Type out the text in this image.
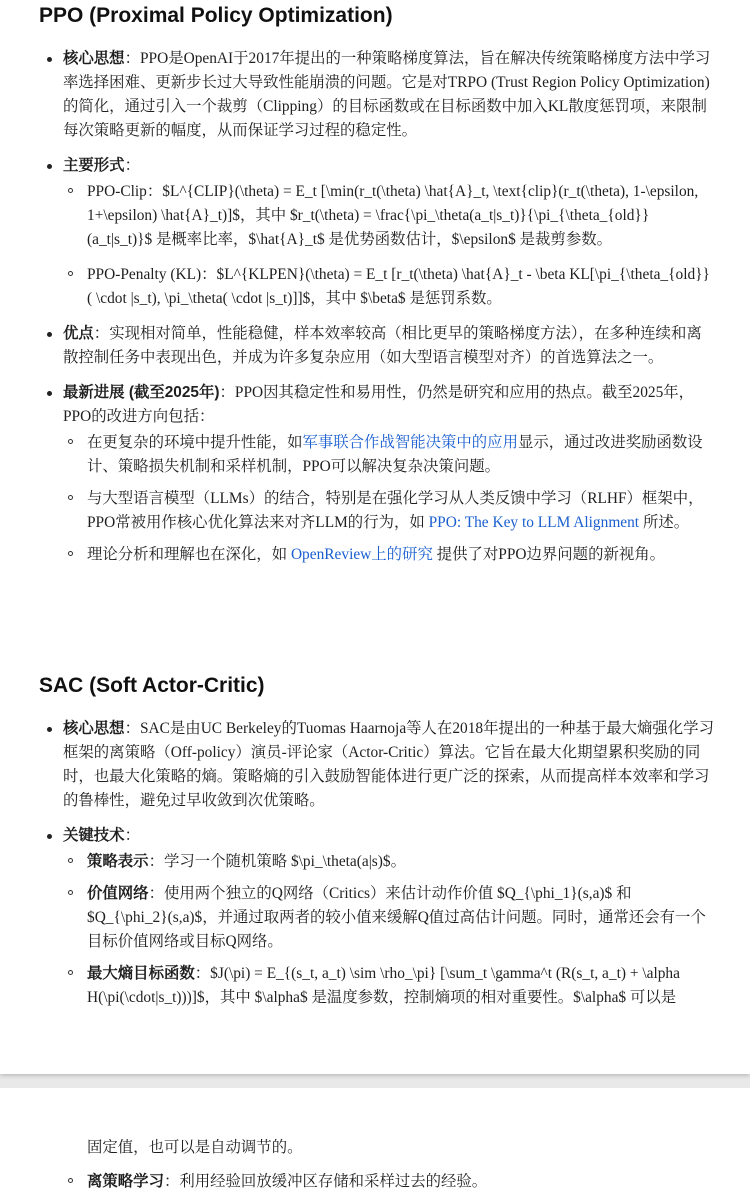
PPO (Proximal Policy Optimization)
核心思想：PPO是OpenAI于2017年提出的一种策略梯度算法，旨在解决传统策略梯度方法中学习率选择困难、更新步长过大导致性能崩溃的问题。它是对TRPO (Trust Region Policy Optimization) 的简化，通过引入一个裁剪（Clipping）的目标函数或在目标函数中加入KL散度惩罚项，来限制每次策略更新的幅度，从而保证学习过程的稳定性。
主要形式：
PPO-Clip：$L^{CLIP}(\theta) = E_t [\min(r_t(\theta) \hat{A}_t, \text{clip}(r_t(\theta), 1-\epsilon, 1+\epsilon) \hat{A}_t)]$，其中 $r_t(\theta) = \frac{\pi_\theta(a_t|s_t)}{\pi_{\theta_{old}}(a_t|s_t)}$ 是概率比率，$\hat{A}_t$ 是优势函数估计，$\epsilon$ 是裁剪参数。
PPO-Penalty (KL)：$L^{KLPEN}(\theta) = E_t [r_t(\theta) \hat{A}_t - \beta KL[\pi_{\theta_{old}}( \cdot |s_t), \pi_\theta( \cdot |s_t)]]$，其中 $\beta$ 是惩罚系数。
优点：实现相对简单，性能稳健，样本效率较高（相比更早的策略梯度方法），在多种连续和离散控制任务中表现出色，并成为许多复杂应用（如大型语言模型对齐）的首选算法之一。
最新进展 (截至2025年)：PPO因其稳定性和易用性，仍然是研究和应用的热点。截至2025年，PPO的改进方向包括：
在更复杂的环境中提升性能，如军事联合作战智能决策中的应用显示，通过改进奖励函数设计、策略损失机制和采样机制，PPO可以解决复杂决策问题。
与大型语言模型（LLMs）的结合，特别是在强化学习从人类反馈中学习（RLHF）框架中，PPO常被用作核心优化算法来对齐LLM的行为，如 PPO: The Key to LLM Alignment 所述。
理论分析和理解也在深化，如 OpenReview上的研究 提供了对PPO边界问题的新视角。
SAC (Soft Actor-Critic)
核心思想：SAC是由UC Berkeley的Tuomas Haarnoja等人在2018年提出的一种基于最大熵强化学习框架的离策略（Off-policy）演员-评论家（Actor-Critic）算法。它旨在最大化期望累积奖励的同时，也最大化策略的熵。策略熵的引入鼓励智能体进行更广泛的探索，从而提高样本效率和学习的鲁棒性，避免过早收敛到次优策略。
关键技术：
策略表示：学习一个随机策略 $\pi_\theta(a|s)$。
价值网络：使用两个独立的Q网络（Critics）来估计动作价值 $Q_{\phi_1}(s,a)$ 和 $Q_{\phi_2}(s,a)$，并通过取两者的较小值来缓解Q值过高估计问题。同时，通常还会有一个目标价值网络或目标Q网络。
最大熵目标函数：$J(\pi) = E_{(s_t, a_t) \sim \rho_\pi} [\sum_t \gamma^t (R(s_t, a_t) + \alpha H(\pi(\cdot|s_t)))]$，其中 $\alpha$ 是温度参数，控制熵项的相对重要性。$\alpha$ 可以是
固定值，也可以是自动调节的。
离策略学习：利用经验回放缓冲区存储和采样过去的经验。
